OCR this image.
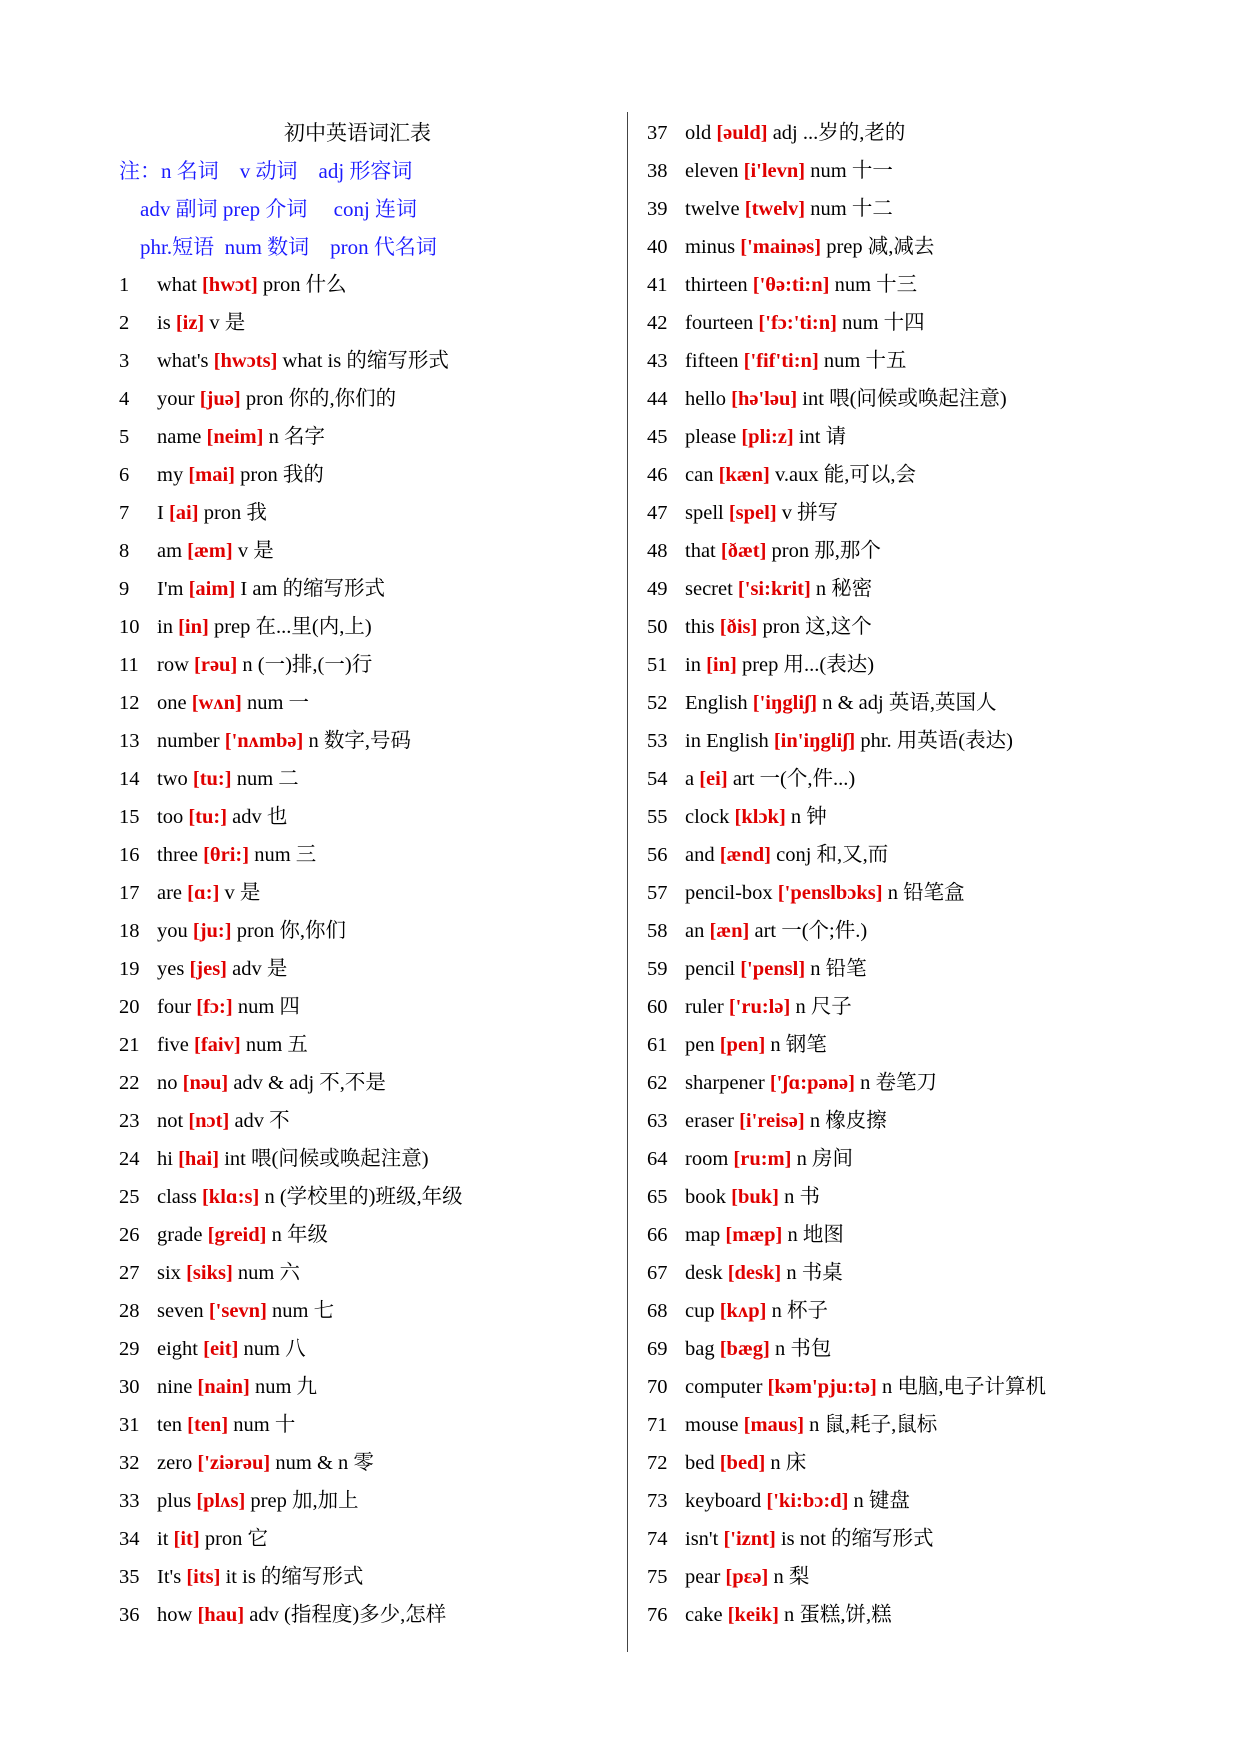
初中英语词汇表
注：n 名词    v 动词    adj 形容词
adv 副词 prep 介词     conj 连词
phr.短语  num 数词    pron 代名词
1 what [hwɔt] pron 什么
2 is [iz] v 是
3 what's [hwɔts] what is 的缩写形式
4 your [juə] pron 你的,你们的
5 name [neim] n 名字
6 my [mai] pron 我的
7 I [ai] pron 我
8 am [æm] v 是
9 I'm [aim] I am 的缩写形式
10 in [in] prep 在...里(内,上)
11 row [rəu] n (一)排,(一)行
12 one [wʌn] num 一
13 number ['nʌmbə] n 数字,号码
14 two [tu:] num 二
15 too [tu:] adv 也
16 three [θri:] num 三
17 are [ɑ:] v 是
18 you [ju:] pron 你,你们
19 yes [jes] adv 是
20 four [fɔ:] num 四
21 five [faiv] num 五
22 no [nəu] adv & adj 不,不是
23 not [nɔt] adv 不
24 hi [hai] int 喂(问候或唤起注意)
25 class [klɑ:s] n (学校里的)班级,年级
26 grade [greid] n 年级
27 six [siks] num 六
28 seven ['sevn] num 七
29 eight [eit] num 八
30 nine [nain] num 九
31 ten [ten] num 十
32 zero ['ziərəu] num & n 零
33 plus [plʌs] prep 加,加上
34 it [it] pron 它
35 It's [its] it is 的缩写形式
36 how [hau] adv (指程度)多少,怎样
37 old [əuld] adj ...岁的,老的
38 eleven [i'levn] num 十一
39 twelve [twelv] num 十二
40 minus ['mainəs] prep 减,减去
41 thirteen ['θə:ti:n] num 十三
42 fourteen ['fɔ:'ti:n] num 十四
43 fifteen ['fif'ti:n] num 十五
44 hello [hə'ləu] int 喂(问候或唤起注意)
45 please [pli:z] int 请
46 can [kæn] v.aux 能,可以,会
47 spell [spel] v 拼写
48 that [ðæt] pron 那,那个
49 secret ['si:krit] n 秘密
50 this [ðis] pron 这,这个
51 in [in] prep 用...(表达)
52 English ['iŋgliʃ] n & adj 英语,英国人
53 in English [in'iŋgliʃ] phr. 用英语(表达)
54 a [ei] art 一(个,件...)
55 clock [klɔk] n 钟
56 and [ænd] conj 和,又,而
57 pencil-box ['penslbɔks] n 铅笔盒
58 an [æn] art 一(个;件.)
59 pencil ['pensl] n 铅笔
60 ruler ['ru:lə] n 尺子
61 pen [pen] n 钢笔
62 sharpener ['ʃɑ:pənə] n 卷笔刀
63 eraser [i'reisə] n 橡皮擦
64 room [ru:m] n 房间
65 book [buk] n 书
66 map [mæp] n 地图
67 desk [desk] n 书桌
68 cup [kʌp] n 杯子
69 bag [bæg] n 书包
70 computer [kəm'pju:tə] n 电脑,电子计算机
71 mouse [maus] n 鼠,耗子,鼠标
72 bed [bed] n 床
73 keyboard ['ki:bɔ:d] n 键盘
74 isn't ['iznt] is not 的缩写形式
75 pear [pεə] n 梨
76 cake [keik] n 蛋糕,饼,糕
